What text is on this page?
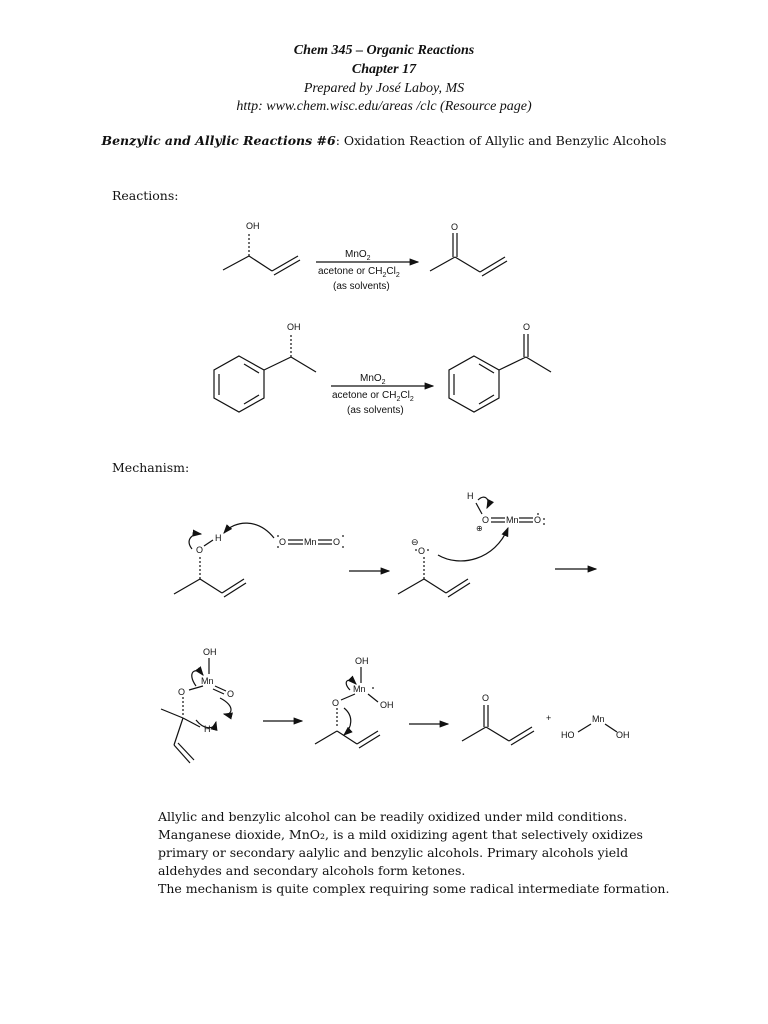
Chem 345 – Organic Reactions
Chapter 17
Prepared by José Laboy, MS
http: www.chem.wisc.edu/areas /clc (Resource page)
Benzylic and Allylic Reactions #6: Oxidation Reaction of Allylic and Benzylic Alcohols
Reactions:
Mechanism:
OH	O
MnO$_2$
acetone or $CH_2Cl_2$
(as solvents)
OH	O
MnO$_2$
acetone or $CH_2Cl_2$
(as solvents)
O
H	O Mn O	⊖
O
H
O
⊕
Mn O
OH
Mn
O
O
H
OH
Mn
OH
O	O
+	Mn
HO	OH

Allylic and benzylic alcohol can be readily oxidized under mild conditions. Manganese dioxide, MnO₂, is a mild oxidizing agent that selectively oxidizes primary or secondary aalylic and benzylic alcohols. Primary alcohols yield aldehydes and secondary alcohols form ketones.

The mechanism is quite complex requiring some radical intermediate formation.
